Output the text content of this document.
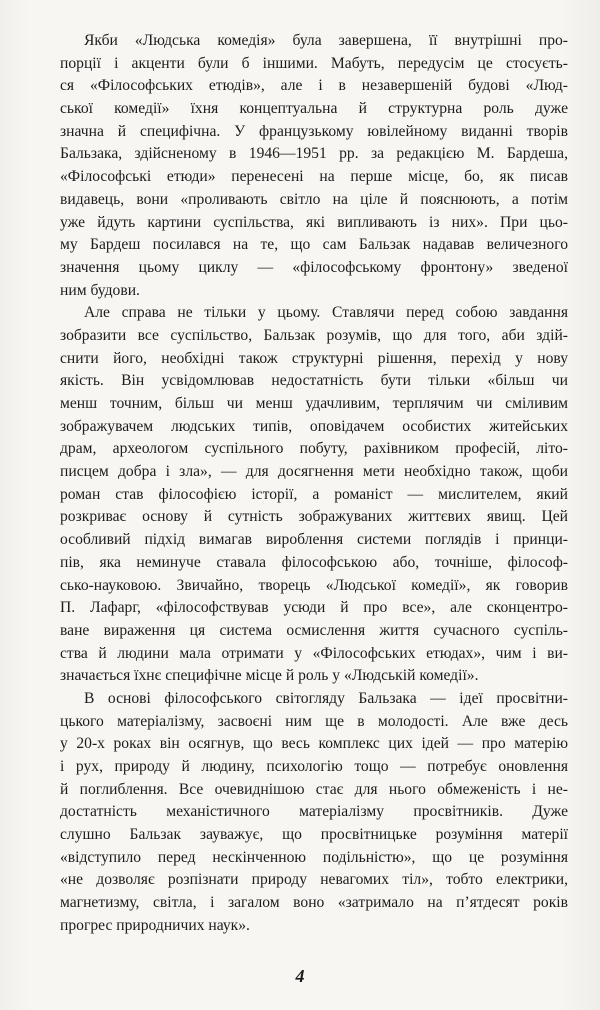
Якби «Людська комедія» була завершена, її внутрішні про-
порції і акценти були б іншими. Мабуть, передусім це стосуєть-
ся «Філософських етюдів», але і в незавершеній будові «Люд-
ської комедії» їхня концептуальна й структурна роль дуже
значна й специфічна. У французькому ювілейному виданні творів
Бальзака, здійсненому в 1946—1951 рр. за редакцією М. Бардеша,
«Філософські етюди» перенесені на перше місце, бо, як писав
видавець, вони «проливають світло на ціле й пояснюють, а потім
уже йдуть картини суспільства, які випливають із них». При цьо-
му Бардеш посилався на те, що сам Бальзак надавав величезного
значення цьому циклу — «філософському фронтону» зведеної
ним будови.
Але справа не тільки у цьому. Ставлячи перед собою завдання
зобразити все суспільство, Бальзак розумів, що для того, аби здій-
снити його, необхідні також структурні рішення, перехід у нову
якість. Він усвідомлював недостатність бути тільки «більш чи
менш точним, більш чи менш удачливим, терплячим чи сміливим
зображувачем людських типів, оповідачем особистих житейських
драм, археологом суспільного побуту, рахівником професій, літо-
писцем добра і зла», — для досягнення мети необхідно також, щоби
роман став філософією історії, а романіст — мислителем, який
розкриває основу й сутність зображуваних життєвих явищ. Цей
особливий підхід вимагав вироблення системи поглядів і принци-
пів, яка неминуче ставала філософською або, точніше, філософ-
сько-науковою. Звичайно, творець «Людської комедії», як говорив
П. Лафарг, «філософствував усюди й про все», але сконцентро-
ване вираження ця система осмислення життя сучасного суспіль-
ства й людини мала отримати у «Філософських етюдах», чим і ви-
значається їхнє специфічне місце й роль у «Людській комедії».
В основі філософського світогляду Бальзака — ідеї просвітни-
цького матеріалізму, засвоєні ним ще в молодості. Але вже десь
у 20-х роках він осягнув, що весь комплекс цих ідей — про матерію
і рух, природу й людину, психологію тощо — потребує оновлення
й поглиблення. Все очевиднішою стає для нього обмеженість і не-
достатність механістичного матеріалізму просвітників. Дуже
слушно Бальзак зауважує, що просвітницьке розуміння матерії
«відступило перед нескінченною подільністю», що це розуміння
«не дозволяє розпізнати природу невагомих тіл», тобто електрики,
магнетизму, світла, і загалом воно «затримало на п’ятдесят років
прогрес природничих наук».
4
